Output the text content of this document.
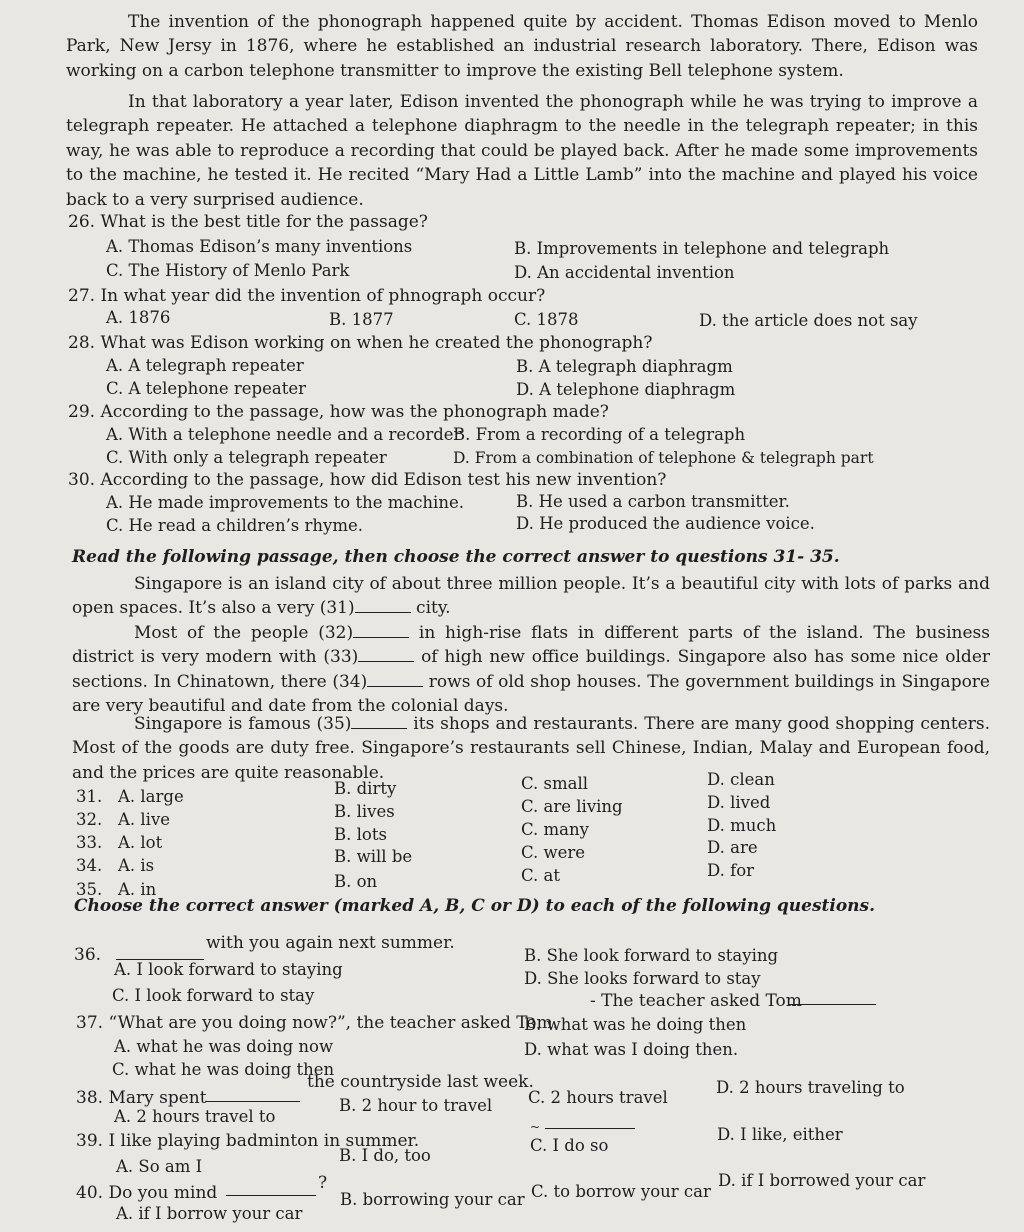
The invention of the phonograph happened quite by accident. Thomas Edison moved to Menlo Park, New Jersy in 1876, where he established an industrial research laboratory. There, Edison was working on a carbon telephone transmitter to improve the existing Bell telephone system.
In that laboratory a year later, Edison invented the phonograph while he was trying to improve a telegraph repeater. He attached a telephone diaphragm to the needle in the telegraph repeater; in this way, he was able to reproduce a recording that could be played back. After he made some improvements to the machine, he tested it. He recited “Mary Had a Little Lamb” into the machine and played his voice back to a very surprised audience.
26. What is the best title for the passage?
A. Thomas Edison’s many inventions	B. Improvements in telephone and telegraph
C. The History of Menlo Park	D. An accidental invention
27. In what year did the invention of phnograph occur?
A. 1876	B. 1877	C. 1878	D. the article does not say
28. What was Edison working on when he created the phonograph?
A. A telegraph repeater	B. A telegraph diaphragm
C. A telephone repeater	D. A telephone diaphragm
29. According to the passage, how was the phonograph made?
A. With a telephone needle and a recorder
B. From a recording of a telegraph
C. With only a telegraph repeater	D. From a combination of telephone & telegraph part
30. According to the passage, how did Edison test his new invention?
A. He made improvements to the machine.	B. He used a carbon transmitter.
C. He read a children’s rhyme.	D. He produced the audience voice.
Read the following passage, then choose the correct answer to questions 31- 35.
Singapore is an island city of about three million people. It’s a beautiful city with lots of parks and open spaces. It’s also a very (31)	city.
Most of the people (32)	in high-rise flats in different parts of the island. The business district is very modern with (33)	of high new office buildings. Singapore also has some nice older sections. In Chinatown, there (34)	rows of old shop houses. The government buildings in Singapore are very beautiful and date from the colonial days.
Singapore is famous (35)	its shops and restaurants. There are many good shopping centers. Most of the goods are duty free. Singapore’s restaurants sell Chinese, Indian, Malay and European food, and the prices are quite reasonable.
31. A. large	B. dirty	C. small	D. clean
32. A. live	B. lives	C. are living	D. lived
33. A. lot	B. lots	C. many	D. much
34. A. is	B. will be	C. were	D. are
35. A. in	B. on	C. at	D. for
Choose the correct answer (marked A, B, C or D) to each of the following questions.
36.
with you again next summer.
A. I look forward to staying
B. She look forward to staying
C. I look forward to stay
D. She looks forward to stay
37. “What are you doing now?”, the teacher asked Tom.
- The teacher asked Tom
A. what he was doing now
B. what was he doing then
C. what he was doing then
D. what was I doing then.
38. Mary spent
the countryside last week.
A. 2 hours travel to
B. 2 hour to travel C. 2 hours travel
D. 2 hours traveling to
39. I like playing badminton in summer.
~
A. So am I
B. I do, too
C. I do so
D. I like, either
40. Do you mind	?
A. if I borrow your car
B. borrowing your car C. to borrow your car
D. if I borrowed your car
